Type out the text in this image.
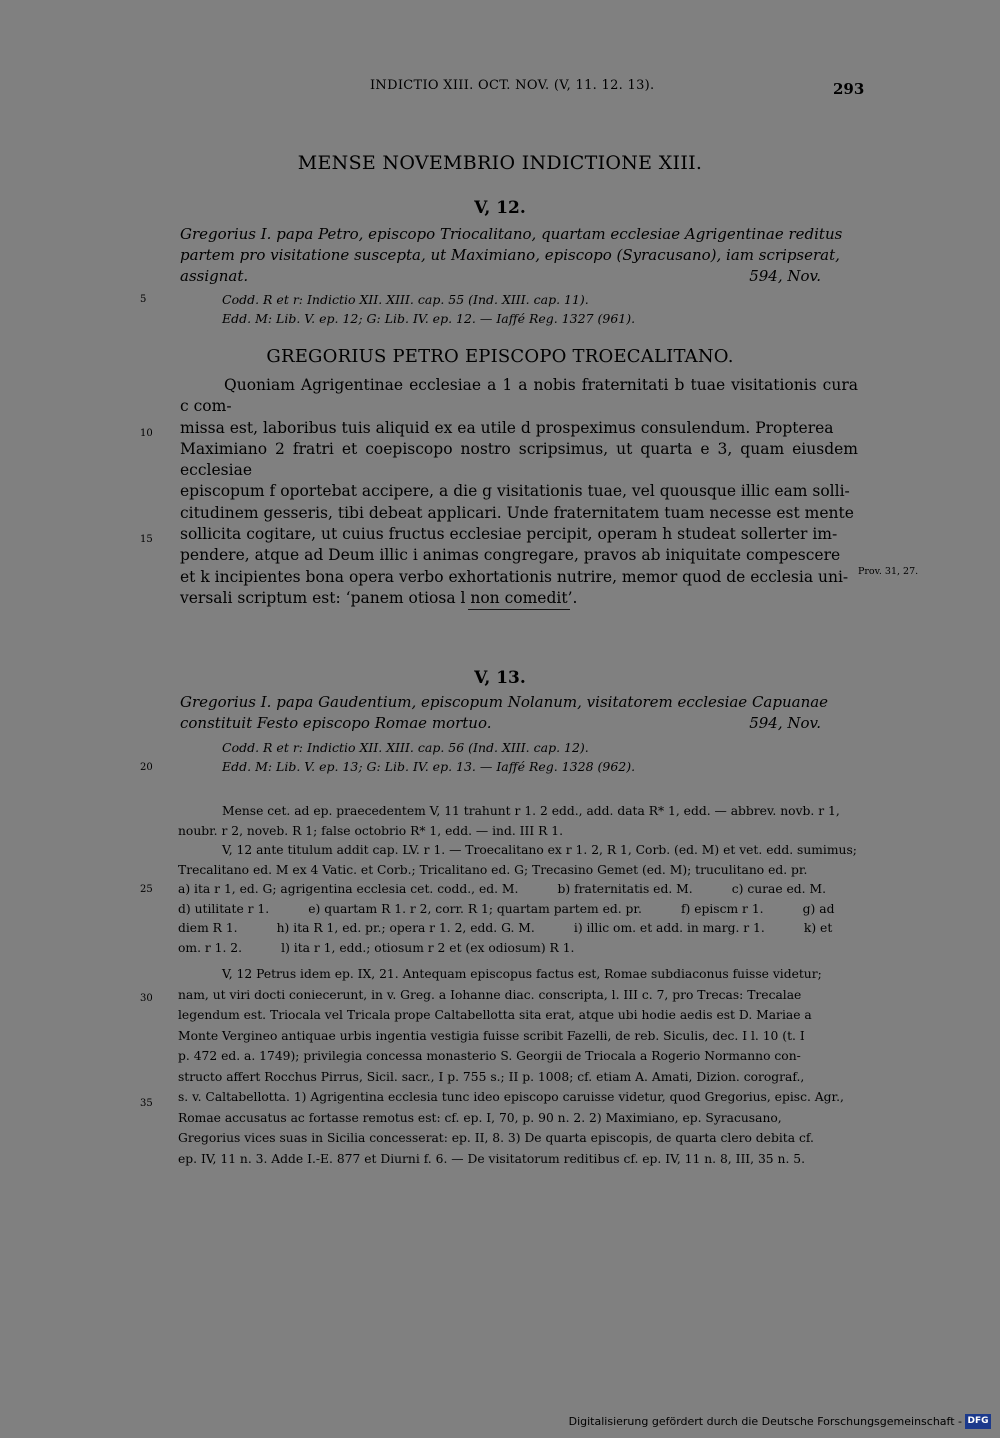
INDICTIO XIII. OCT. NOV. (V, 11. 12. 13).	293
MENSE NOVEMBRIO INDICTIONE XIII.
V, 12.
Gregorius I. papa Petro, episcopo Triocalitano, quartam ecclesiae Agrigentinae reditus
partem pro visitatione suscepta, ut Maximiano, episcopo (Syracusano), iam scripserat,
assignat.	594, Nov.
5	Codd. R et r: Indictio XII. XIII. cap. 55 (Ind. XIII. cap. 11).
Edd. M: Lib. V. ep. 12; G: Lib. IV. ep. 12. — Iaffé Reg. 1327 (961).
GREGORIUS PETRO EPISCOPO TROECALITANO.
Quoniam Agrigentinae ecclesiae a 1 a nobis fraternitati b tuae visitationis cura c com-
missa est, laboribus tuis aliquid ex ea utile d prospeximus consulendum. Propterea
Maximiano 2 fratri et coepiscopo nostro scripsimus, ut quarta e 3, quam eiusdem ecclesiae
episcopum f oportebat accipere, a die g visitationis tuae, vel quousque illic eam solli-
citudinem gesseris, tibi debeat applicari. Unde fraternitatem tuam necesse est mente
sollicita cogitare, ut cuius fructus ecclesiae percipit, operam h studeat sollerter im-
pendere, atque ad Deum illic i animas congregare, pravos ab iniquitate compescere
et k incipientes bona opera verbo exhortationis nutrire, memor quod de ecclesia uni-
versali scriptum est: ‘panem otiosa l non comedit’.
10
15
Prov. 31, 27.
V, 13.
Gregorius I. papa Gaudentium, episcopum Nolanum, visitatorem ecclesiae Capuanae
constituit Festo episcopo Romae mortuo.	594, Nov.
Codd. R et r: Indictio XII. XIII. cap. 56 (Ind. XIII. cap. 12).
Edd. M: Lib. V. ep. 13; G: Lib. IV. ep. 13. — Iaffé Reg. 1328 (962).
20
Mense cet. ad ep. praecedentem V, 11 trahunt r 1. 2 edd., add. data R* 1, edd. — abbrev. novb. r 1,
noubr. r 2, noveb. R 1; false octobrio R* 1, edd. — ind. III R 1.
V, 12 ante titulum addit cap. LV. r 1. — Troecalitano ex r 1. 2, R 1, Corb. (ed. M) et vet. edd. sumimus;
Trecalitano ed. M ex 4 Vatic. et Corb.; Tricalitano ed. G; Trecasino Gemet (ed. M); truculitano ed. pr.
a) ita r 1, ed. G; agrigentina ecclesia cet. codd., ed. M.          b) fraternitatis ed. M.          c) curae ed. M.
d) utilitate r 1.          e) quartam R 1. r 2, corr. R 1; quartam partem ed. pr.          f) episcm r 1.          g) ad
diem R 1.          h) ita R 1, ed. pr.; opera r 1. 2, edd. G. M.          i) illic om. et add. in marg. r 1.          k) et
om. r 1. 2.          l) ita r 1, edd.; otiosum r 2 et (ex odiosum) R 1.
25
V, 12 Petrus idem ep. IX, 21. Antequam episcopus factus est, Romae subdiaconus fuisse videtur;
nam, ut viri docti coniecerunt, in v. Greg. a Iohanne diac. conscripta, l. III c. 7, pro Trecas: Trecalae
legendum est. Triocala vel Tricala prope Caltabellotta sita erat, atque ubi hodie aedis est D. Mariae a
Monte Vergineo antiquae urbis ingentia vestigia fuisse scribit Fazelli, de reb. Siculis, dec. I l. 10 (t. I
p. 472 ed. a. 1749); privilegia concessa monasterio S. Georgii de Triocala a Rogerio Normanno con-
structo affert Rocchus Pirrus, Sicil. sacr., I p. 755 s.; II p. 1008; cf. etiam A. Amati, Dizion. corograf.,
s. v. Caltabellotta. 1) Agrigentina ecclesia tunc ideo episcopo caruisse videtur, quod Gregorius, episc. Agr.,
Romae accusatus ac fortasse remotus est: cf. ep. I, 70, p. 90 n. 2. 2) Maximiano, ep. Syracusano,
Gregorius vices suas in Sicilia concesserat: ep. II, 8. 3) De quarta episcopis, de quarta clero debita cf.
ep. IV, 11 n. 3. Adde I.-E. 877 et Diurni f. 6. — De visitatorum reditibus cf. ep. IV, 11 n. 8, III, 35 n. 5.
30
35
Digitalisierung gefördert durch die Deutsche Forschungsgemeinschaft - DFG
